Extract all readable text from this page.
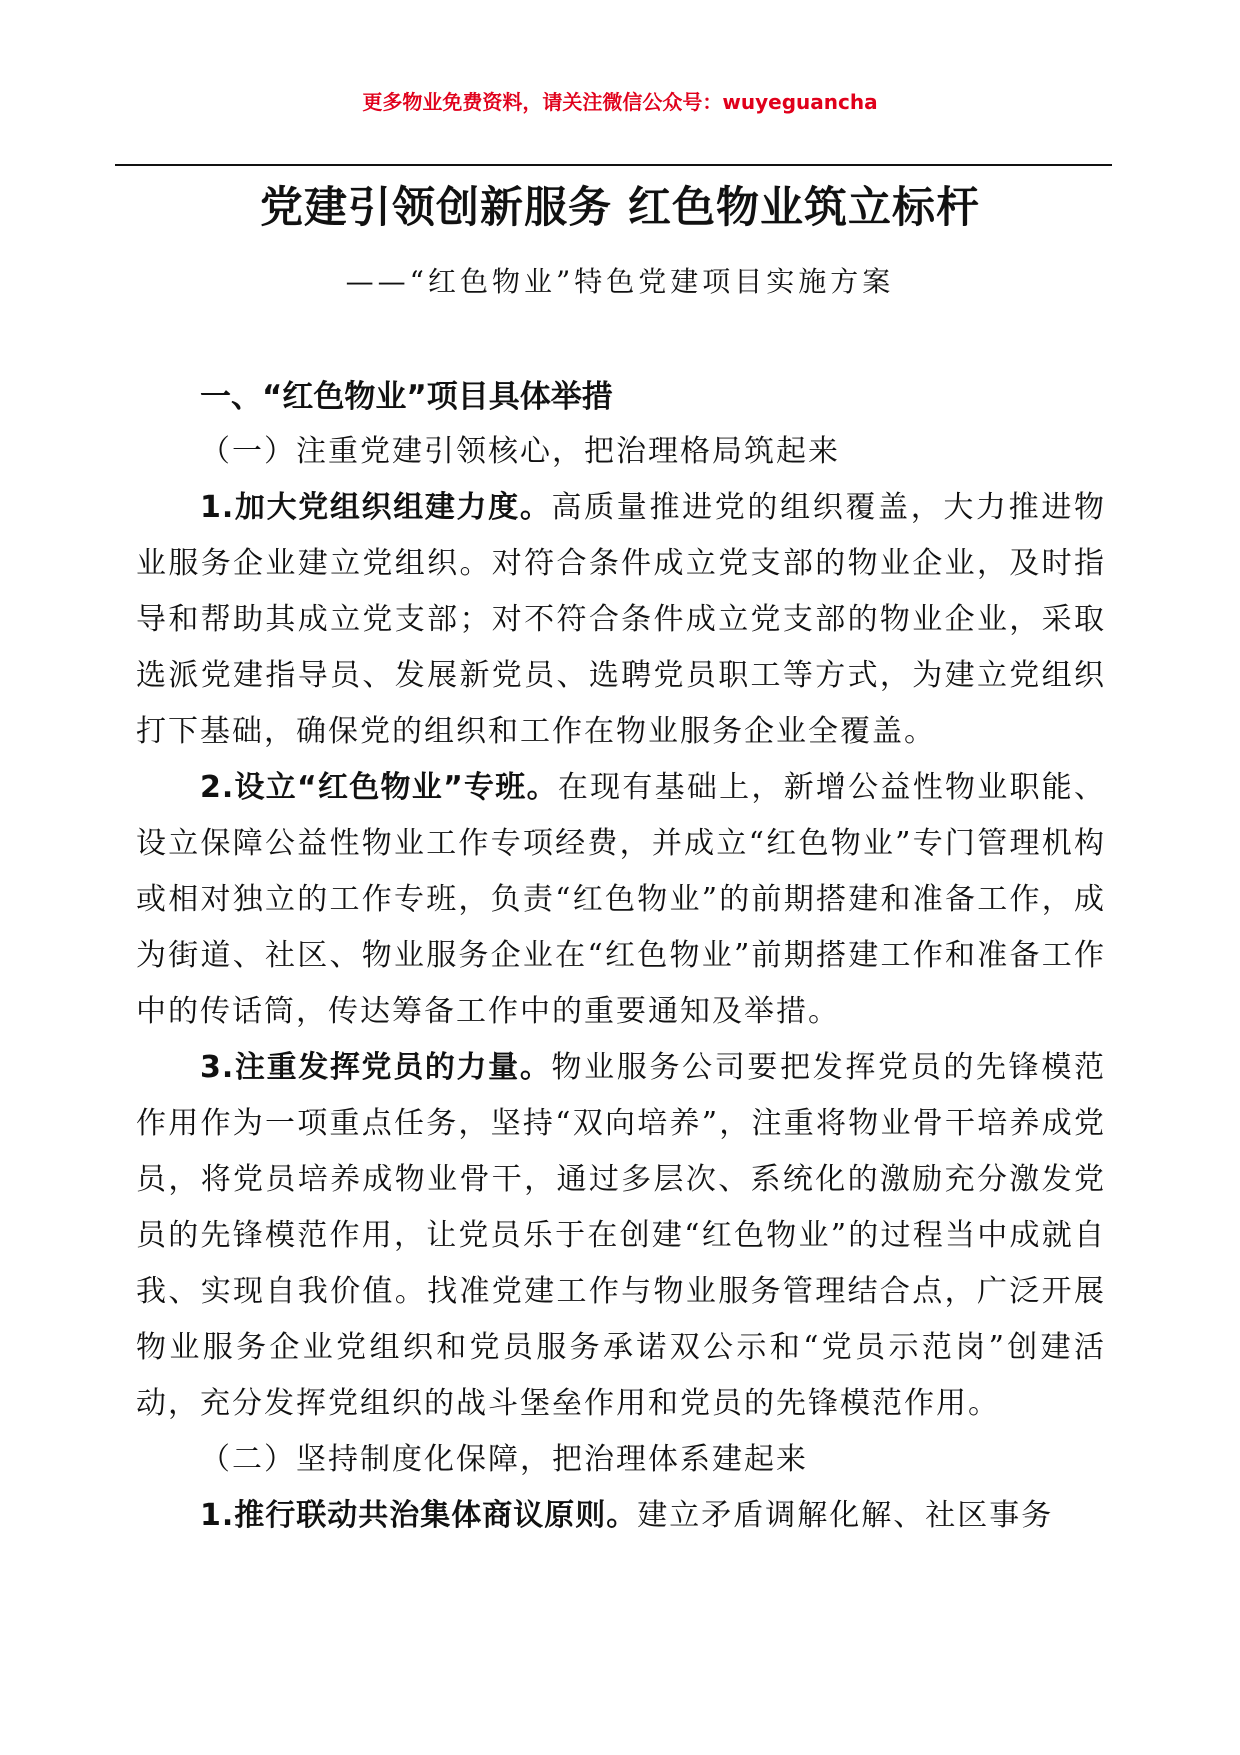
更多物业免费资料，请关注微信公众号：wuyeguancha
党建引领创新服务 红色物业筑立标杆
——“红色物业”特色党建项目实施方案
一、“红色物业”项目具体举措
（一）注重党建引领核心，把治理格局筑起来

1.加大党组织组建力度。高质量推进党的组织覆盖，大力推进物业服务企业建立党组织。对符合条件成立党支部的物业企业，及时指导和帮助其成立党支部；对不符合条件成立党支部的物业企业，采取选派党建指导员、发展新党员、选聘党员职工等方式，为建立党组织打下基础，确保党的组织和工作在物业服务企业全覆盖。

2.设立“红色物业”专班。在现有基础上，新增公益性物业职能、设立保障公益性物业工作专项经费，并成立“红色物业”专门管理机构或相对独立的工作专班，负责“红色物业”的前期搭建和准备工作，成为街道、社区、物业服务企业在“红色物业”前期搭建工作和准备工作中的传话筒，传达筹备工作中的重要通知及举措。

3.注重发挥党员的力量。物业服务公司要把发挥党员的先锋模范作用作为一项重点任务，坚持“双向培养”，注重将物业骨干培养成党员，将党员培养成物业骨干，通过多层次、系统化的激励充分激发党员的先锋模范作用，让党员乐于在创建“红色物业”的过程当中成就自我、实现自我价值。找准党建工作与物业服务管理结合点，广泛开展物业服务企业党组织和党员服务承诺双公示和“党员示范岗”创建活动，充分发挥党组织的战斗堡垒作用和党员的先锋模范作用。

（二）坚持制度化保障，把治理体系建起来

1.推行联动共治集体商议原则。建立矛盾调解化解、社区事务
